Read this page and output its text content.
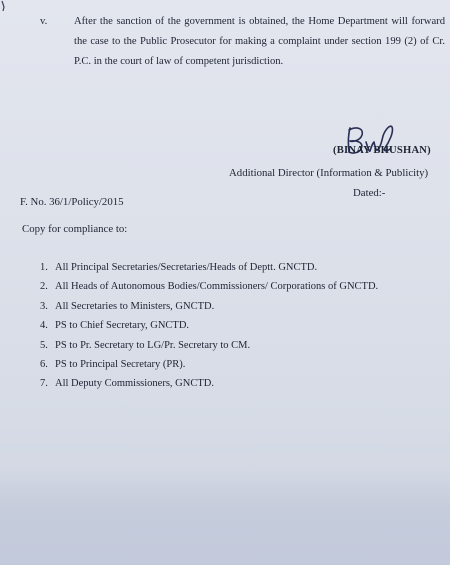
v.	After the sanction of the government is obtained, the Home Department will forward the case to the Public Prosecutor for making a complaint under section 199 (2) of Cr. P.C. in the court of law of competent jurisdiction.
(BINAY BHUSHAN)
Additional Director (Information & Publicity)
Dated:-
F. No. 36/1/Policy/2015
Copy for compliance to:
1. All Principal Secretaries/Secretaries/Heads of Deptt. GNCTD.
2. All Heads of Autonomous Bodies/Commissioners/ Corporations of GNCTD.
3. All Secretaries to Ministers, GNCTD.
4. PS to Chief Secretary, GNCTD.
5. PS to Pr. Secretary to LG/Pr. Secretary to CM.
6. PS to Principal Secretary (PR).
7. All Deputy Commissioners, GNCTD.
